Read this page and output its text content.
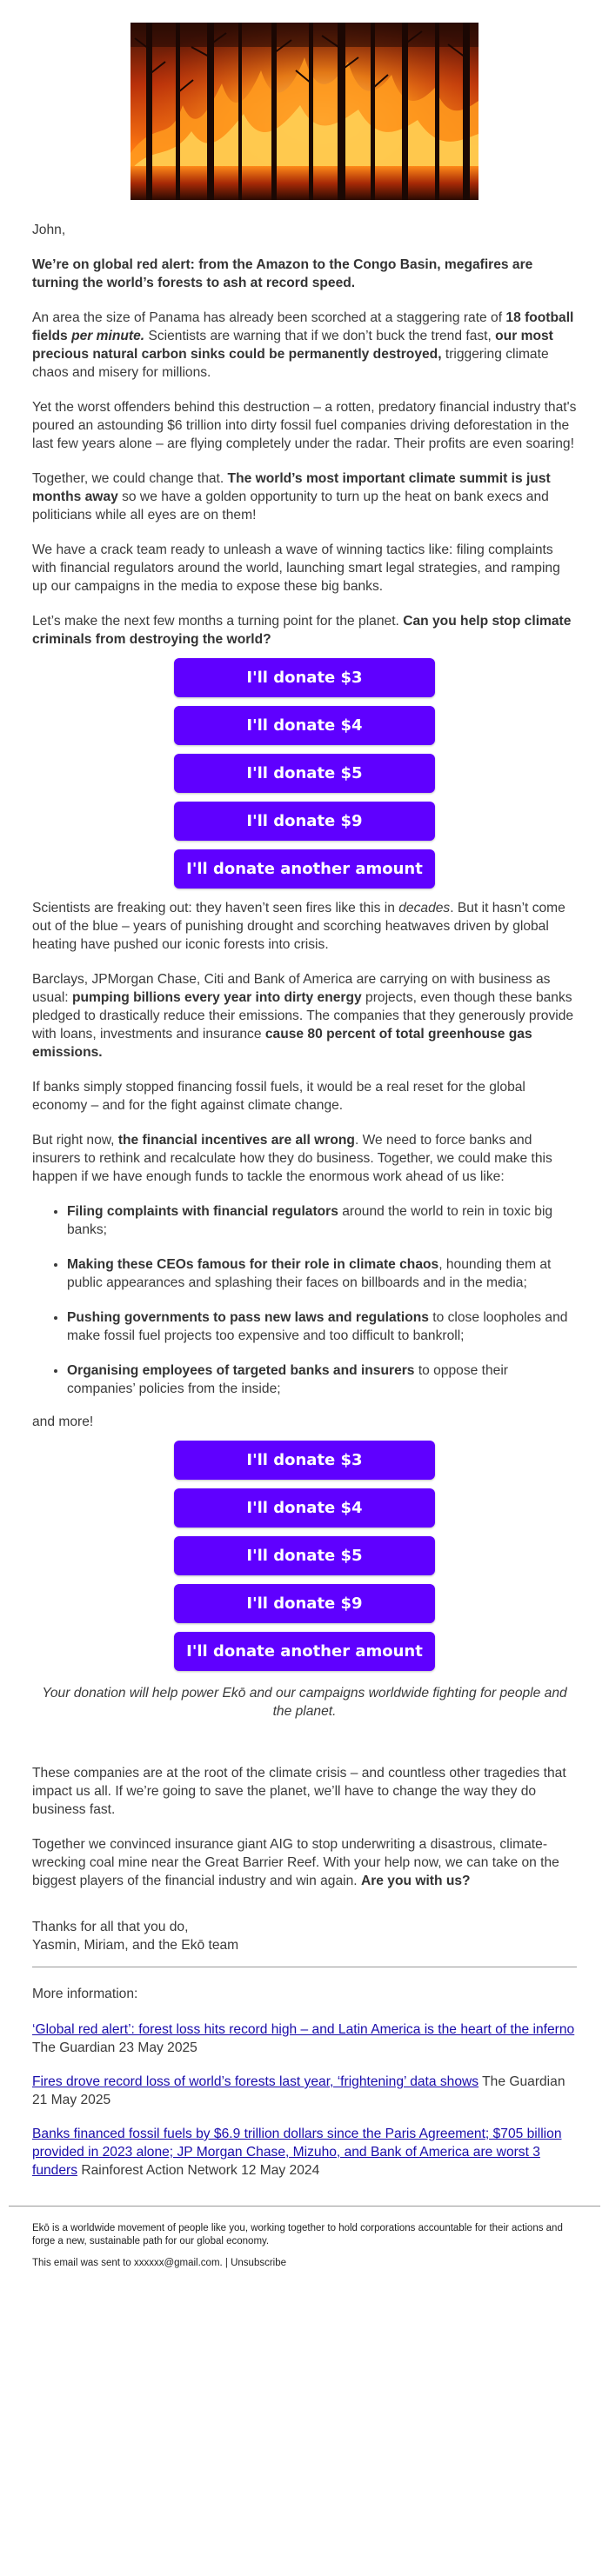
John,

We’re on global red alert: from the Amazon to the Congo Basin, megafires are turning the world’s forests to ash at record speed.

An area the size of Panama has already been scorched at a staggering rate of 18 football fields per minute. Scientists are warning that if we don’t buck the trend fast, our most precious natural carbon sinks could be permanently destroyed, triggering climate chaos and misery for millions.

Yet the worst offenders behind this destruction – a rotten, predatory financial industry that's poured an astounding $6 trillion into dirty fossil fuel companies driving deforestation in the last few years alone – are flying completely under the radar. Their profits are even soaring!

Together, we could change that. The world’s most important climate summit is just months away so we have a golden opportunity to turn up the heat on bank execs and politicians while all eyes are on them!

We have a crack team ready to unleash a wave of winning tactics like: filing complaints with financial regulators around the world, launching smart legal strategies, and ramping up our campaigns in the media to expose these big banks.

Let’s make the next few months a turning point for the planet. Can you help stop climate criminals from destroying the world?

I'll donate $3
I'll donate $4
I'll donate $5
I'll donate $9
I'll donate another amount

Scientists are freaking out: they haven’t seen fires like this in decades. But it hasn’t come out of the blue – years of punishing drought and scorching heatwaves driven by global heating have pushed our iconic forests into crisis.

Barclays, JPMorgan Chase, Citi and Bank of America are carrying on with business as usual: pumping billions every year into dirty energy projects, even though these banks pledged to drastically reduce their emissions. The companies that they generously provide with loans, investments and insurance cause 80 percent of total greenhouse gas emissions.

If banks simply stopped financing fossil fuels, it would be a real reset for the global economy – and for the fight against climate change.

But right now, the financial incentives are all wrong. We need to force banks and insurers to rethink and recalculate how they do business. Together, we could make this happen if we have enough funds to tackle the enormous work ahead of us like:

• Filing complaints with financial regulators around the world to rein in toxic big banks;
• Making these CEOs famous for their role in climate chaos, hounding them at public appearances and splashing their faces on billboards and in the media;
• Pushing governments to pass new laws and regulations to close loopholes and make fossil fuel projects too expensive and too difficult to bankroll;
• Organising employees of targeted banks and insurers to oppose their companies’ policies from the inside;

and more!

I'll donate $3
I'll donate $4
I'll donate $5
I'll donate $9
I'll donate another amount

Your donation will help power Ekō and our campaigns worldwide fighting for people and the planet.

These companies are at the root of the climate crisis – and countless other tragedies that impact us all. If we’re going to save the planet, we’ll have to change the way they do business fast.

Together we convinced insurance giant AIG to stop underwriting a disastrous, climate-wrecking coal mine near the Great Barrier Reef. With your help now, we can take on the biggest players of the financial industry and win again. Are you with us?

Thanks for all that you do,

Yasmin, Miriam, and the Ekō team

More information:

‘Global red alert’: forest loss hits record high – and Latin America is the heart of the inferno The Guardian 23 May 2025

Fires drove record loss of world’s forests last year, ‘frightening’ data shows The Guardian 21 May 2025

Banks financed fossil fuels by $6.9 trillion dollars since the Paris Agreement; $705 billion provided in 2023 alone; JP Morgan Chase, Mizuho, and Bank of America are worst 3 funders Rainforest Action Network 12 May 2024

Ekō is a worldwide movement of people like you, working together to hold corporations accountable for their actions and forge a new, sustainable path for our global economy.
This email was sent to xxxxxx@gmail.com. | Unsubscribe
